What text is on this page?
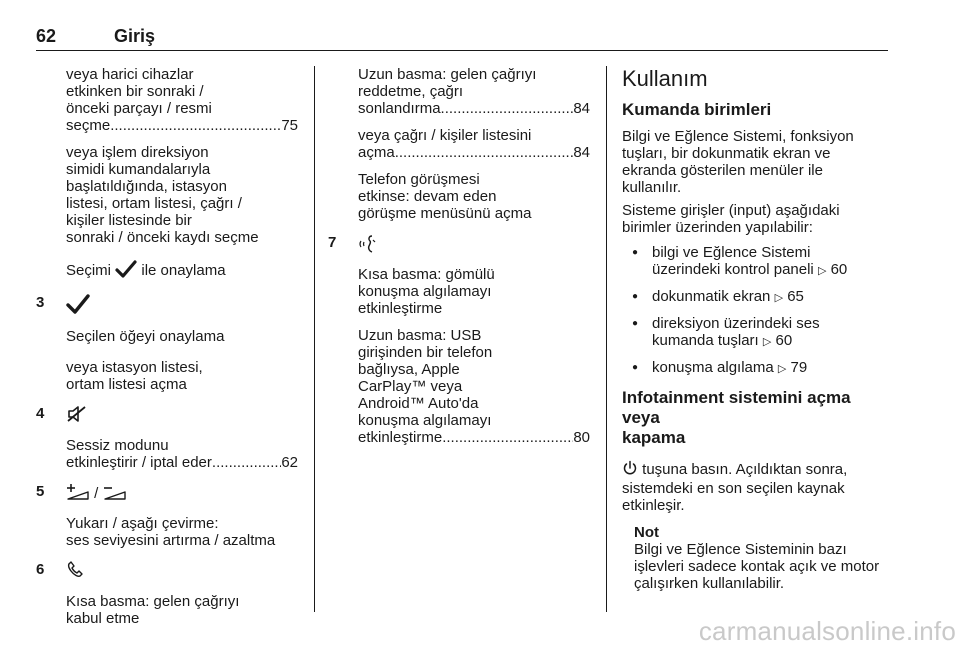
62	Giriş
veya harici cihazlar
etkinken bir sonraki /
önceki parçayı / resmi
seçme .....	75
veya işlem direksiyon
simidi kumandalarıyla
başlatıldığında, istasyon
listesi, ortam listesi, çağrı /
kişiler listesinde bir
sonraki / önceki kaydı seçme
Seçimi ile onaylama
3
Seçilen öğeyi onaylama
veya istasyon listesi,
ortam listesi açma
4
Sessiz modunu
etkinleştirir / iptal eder .....	62
5	/
Yukarı / aşağı çevirme:
ses seviyesini artırma / azaltma
6
Kısa basma: gelen çağrıyı
kabul etme
Uzun basma: gelen çağrıyı
reddetme, çağrı
sonlandırma .....	84
veya çağrı / kişiler listesini
açma .....	84
Telefon görüşmesi
etkinse: devam eden
görüşme menüsünü açma
7
Kısa basma: gömülü
konuşma algılamayı
etkinleştirme
Uzun basma: USB
girişinden bir telefon
bağlıysa, Apple
CarPlay™ veya
Android™ Auto'da
konuşma algılamayı
etkinleştirme .....	80
Kullanım
Kumanda birimleri
Bilgi ve Eğlence Sistemi, fonksiyon
tuşları, bir dokunmatik ekran ve
ekranda gösterilen menüler ile
kullanılır.
Sisteme girişler (input) aşağıdaki
birimler üzerinden yapılabilir:
● bilgi ve Eğlence Sistemi
üzerindeki kontrol paneli ▷ 60
● dokunmatik ekran ▷ 65
● direksiyon üzerindeki ses
kumanda tuşları ▷ 60
● konuşma algılama ▷ 79
Infotainment sistemini açma veya
kapama
tuşuna basın. Açıldıktan sonra,
sistemdeki en son seçilen kaynak
etkinleşir.
Not
Bilgi ve Eğlence Sisteminin bazı
işlevleri sadece kontak açık ve motor
çalışırken kullanılabilir.
carmanualsonline.info
